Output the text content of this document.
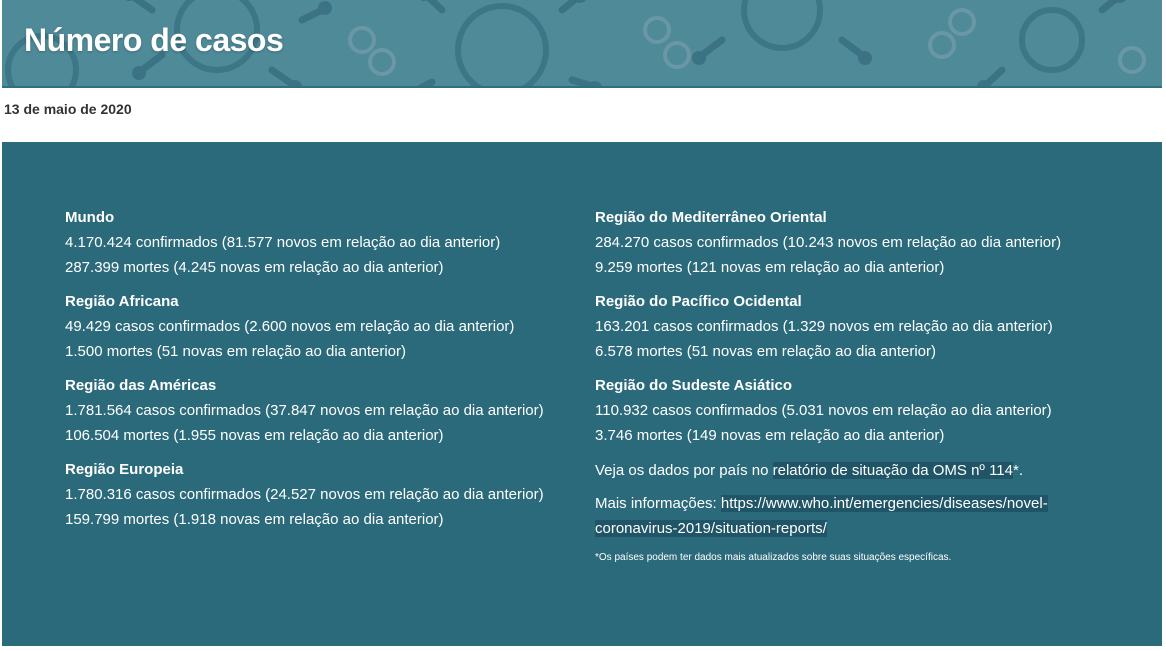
Número de casos
13 de maio de 2020
Mundo
4.170.424 confirmados (81.577 novos em relação ao dia anterior)
287.399 mortes (4.245 novas em relação ao dia anterior)
Região Africana
49.429 casos confirmados (2.600 novos em relação ao dia anterior)
1.500 mortes (51 novas em relação ao dia anterior)
Região das Américas
1.781.564 casos confirmados (37.847 novos em relação ao dia anterior)
106.504 mortes (1.955 novas em relação ao dia anterior)
Região Europeia
1.780.316 casos confirmados (24.527 novos em relação ao dia anterior)
159.799 mortes (1.918 novas em relação ao dia anterior)
Região do Mediterrâneo Oriental
284.270 casos confirmados (10.243 novos em relação ao dia anterior)
9.259 mortes (121 novas em relação ao dia anterior)
Região do Pacífico Ocidental
163.201 casos confirmados (1.329 novos em relação ao dia anterior)
6.578 mortes (51 novas em relação ao dia anterior)
Região do Sudeste Asiático
110.932 casos confirmados (5.031 novos em relação ao dia anterior)
3.746 mortes (149 novas em relação ao dia anterior)
Veja os dados por país no relatório de situação da OMS nº 114*.
Mais informações: https://www.who.int/emergencies/diseases/novel-coronavirus-2019/situation-reports/
*Os países podem ter dados mais atualizados sobre suas situações específicas.
